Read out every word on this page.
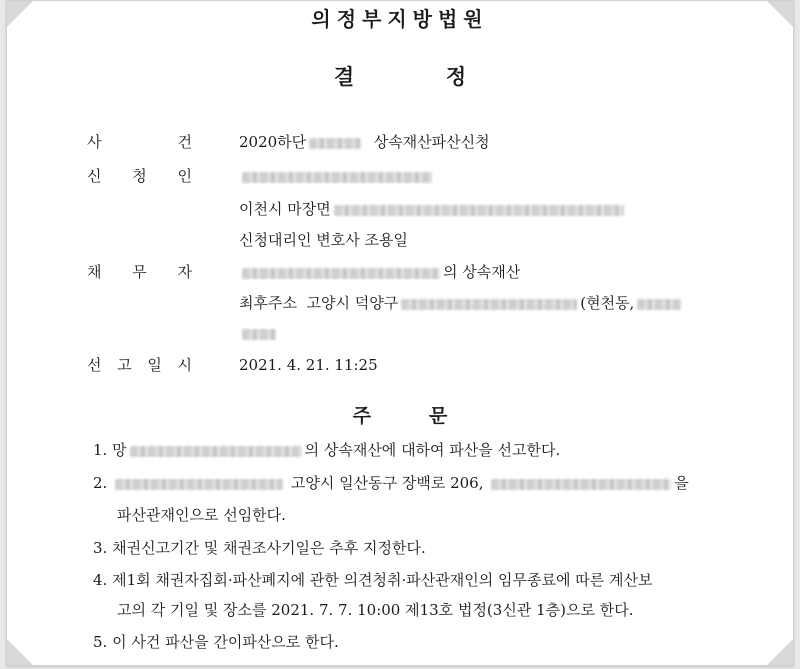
의정부지방법원
결	정
사	건	2020하단	상속재산파산신청
신 청 인
이천시 마장면
신청대리인 변호사 조용일
채 무 자	의 상속재산
최후주소 고양시 덕양구	(현천동,
선 고 일 시	2021. 4. 21. 11:25
주	문
1. 망	의 상속재산에 대하여 파산을 선고한다.
2.	고양시 일산동구 장백로 206,	을
파산관재인으로 선임한다.
3. 채권신고기간 및 채권조사기일은 추후 지정한다.
4. 제1회 채권자집회·파산폐지에 관한 의견청취·파산관재인의 임무종료에 따른 계산보
고의 각 기일 및 장소를 2021. 7. 7. 10:00 제13호 법정(3신관 1층)으로 한다.
5. 이 사건 파산을 간이파산으로 한다.
